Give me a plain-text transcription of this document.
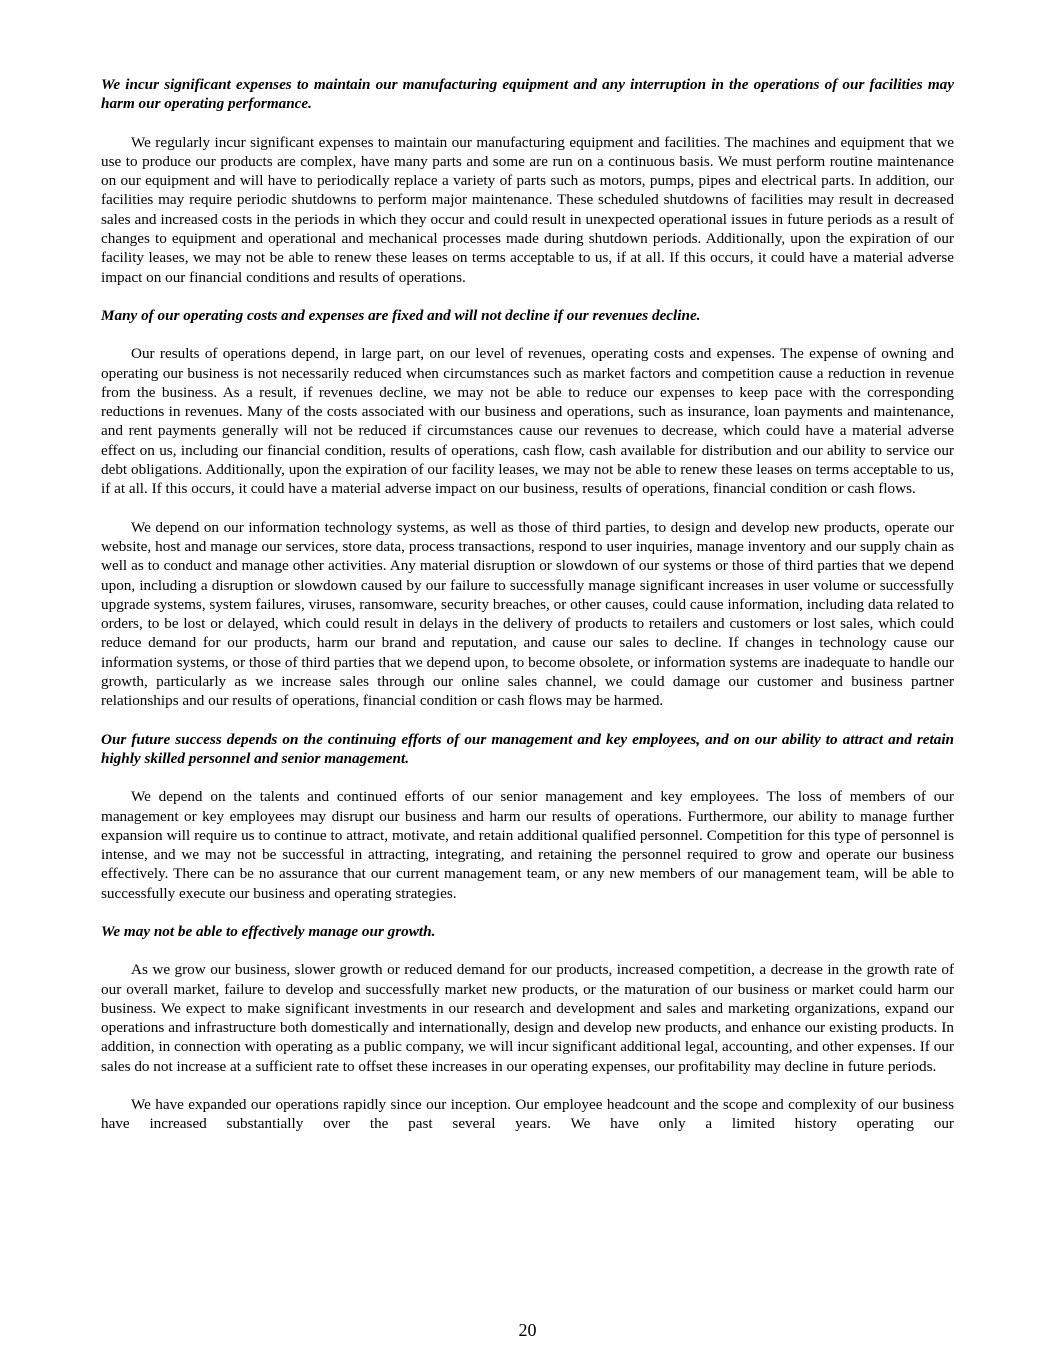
We incur significant expenses to maintain our manufacturing equipment and any interruption in the operations of our facilities may harm our operating performance.

We regularly incur significant expenses to maintain our manufacturing equipment and facilities. The machines and equipment that we use to produce our products are complex, have many parts and some are run on a continuous basis. We must perform routine maintenance on our equipment and will have to periodically replace a variety of parts such as motors, pumps, pipes and electrical parts. In addition, our facilities may require periodic shutdowns to perform major maintenance. These scheduled shutdowns of facilities may result in decreased sales and increased costs in the periods in which they occur and could result in unexpected operational issues in future periods as a result of changes to equipment and operational and mechanical processes made during shutdown periods. Additionally, upon the expiration of our facility leases, we may not be able to renew these leases on terms acceptable to us, if at all. If this occurs, it could have a material adverse impact on our financial conditions and results of operations.

Many of our operating costs and expenses are fixed and will not decline if our revenues decline.

Our results of operations depend, in large part, on our level of revenues, operating costs and expenses. The expense of owning and operating our business is not necessarily reduced when circumstances such as market factors and competition cause a reduction in revenue from the business. As a result, if revenues decline, we may not be able to reduce our expenses to keep pace with the corresponding reductions in revenues. Many of the costs associated with our business and operations, such as insurance, loan payments and maintenance, and rent payments generally will not be reduced if circumstances cause our revenues to decrease, which could have a material adverse effect on us, including our financial condition, results of operations, cash flow, cash available for distribution and our ability to service our debt obligations. Additionally, upon the expiration of our facility leases, we may not be able to renew these leases on terms acceptable to us, if at all. If this occurs, it could have a material adverse impact on our business, results of operations, financial condition or cash flows.

We depend on our information technology systems, as well as those of third parties, to design and develop new products, operate our website, host and manage our services, store data, process transactions, respond to user inquiries, manage inventory and our supply chain as well as to conduct and manage other activities. Any material disruption or slowdown of our systems or those of third parties that we depend upon, including a disruption or slowdown caused by our failure to successfully manage significant increases in user volume or successfully upgrade systems, system failures, viruses, ransomware, security breaches, or other causes, could cause information, including data related to orders, to be lost or delayed, which could result in delays in the delivery of products to retailers and customers or lost sales, which could reduce demand for our products, harm our brand and reputation, and cause our sales to decline. If changes in technology cause our information systems, or those of third parties that we depend upon, to become obsolete, or information systems are inadequate to handle our growth, particularly as we increase sales through our online sales channel, we could damage our customer and business partner relationships and our results of operations, financial condition or cash flows may be harmed.

Our future success depends on the continuing efforts of our management and key employees, and on our ability to attract and retain highly skilled personnel and senior management.

We depend on the talents and continued efforts of our senior management and key employees. The loss of members of our management or key employees may disrupt our business and harm our results of operations. Furthermore, our ability to manage further expansion will require us to continue to attract, motivate, and retain additional qualified personnel. Competition for this type of personnel is intense, and we may not be successful in attracting, integrating, and retaining the personnel required to grow and operate our business effectively. There can be no assurance that our current management team, or any new members of our management team, will be able to successfully execute our business and operating strategies.

We may not be able to effectively manage our growth.

As we grow our business, slower growth or reduced demand for our products, increased competition, a decrease in the growth rate of our overall market, failure to develop and successfully market new products, or the maturation of our business or market could harm our business. We expect to make significant investments in our research and development and sales and marketing organizations, expand our operations and infrastructure both domestically and internationally, design and develop new products, and enhance our existing products. In addition, in connection with operating as a public company, we will incur significant additional legal, accounting, and other expenses. If our sales do not increase at a sufficient rate to offset these increases in our operating expenses, our profitability may decline in future periods.

We have expanded our operations rapidly since our inception. Our employee headcount and the scope and complexity of our business have increased substantially over the past several years. We have only a limited history operating our

20
